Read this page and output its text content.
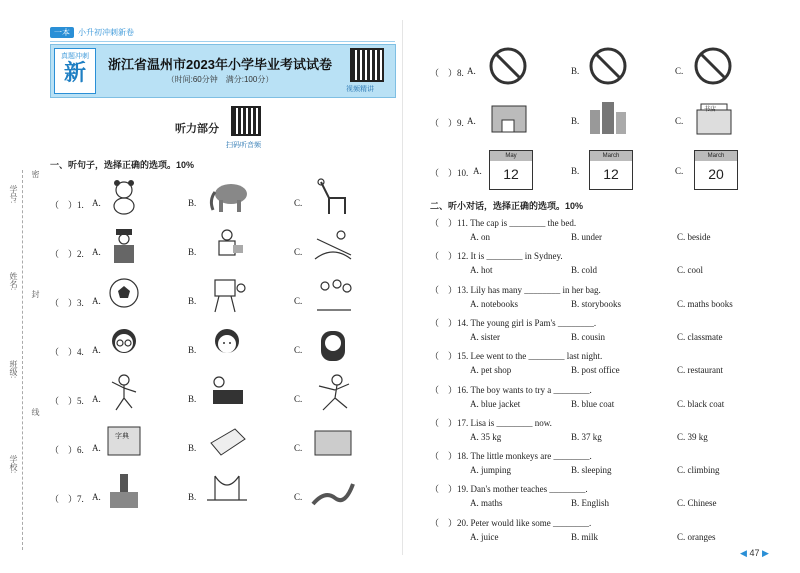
一本 小升初冲刺新卷
真题冲刺
新	浙江省温州市2023年小学毕业考试试卷
（时间:60分钟　满分:100分）
视频精讲
听力部分
扫码听音频
学号:
密
姓名:
封
班级:
线
学校:
一、听句子，选择正确的选项。10%
（　）1. A.	B.	C.
（　）2. A.	B.	C.
（　）3. A.	B.	C.
（　）4. A.	B.	C.
（　）5. A.	B.	C.
（　）6. A.
字典
B.	C.
（　）7. A.	B.	C.
（　）8. A.	B.	C.
（　）9. A.	B.	C.
书店
（　）10. A.
May
12	B.
March
12	C.
March
20
二、听小对话，选择正确的选项。10%
（　）11. The cap is ________ the bed.
A. on	B. under	C. beside
（　）12. It is ________ in Sydney.
A. hot	B. cold	C. cool
（　）13. Lily has many ________ in her bag.
A. notebooks	B. storybooks	C. maths books
（　）14. The young girl is Pam's ________.
A. sister	B. cousin	C. classmate
（　）15. Lee went to the ________ last night.
A. pet shop	B. post office	C. restaurant
（　）16. The boy wants to try a ________.
A. blue jacket	B. blue coat	C. black coat
（　）17. Lisa is ________ now.
A. 35 kg	B. 37 kg	C. 39 kg
（　）18. The little monkeys are ________.
A. jumping	B. sleeping	C. climbing
（　）19. Dan's mother teaches ________.
A. maths	B. English	C. Chinese
（　）20. Peter would like some ________.
A. juice	B. milk	C. oranges
◀ 47 ▶
